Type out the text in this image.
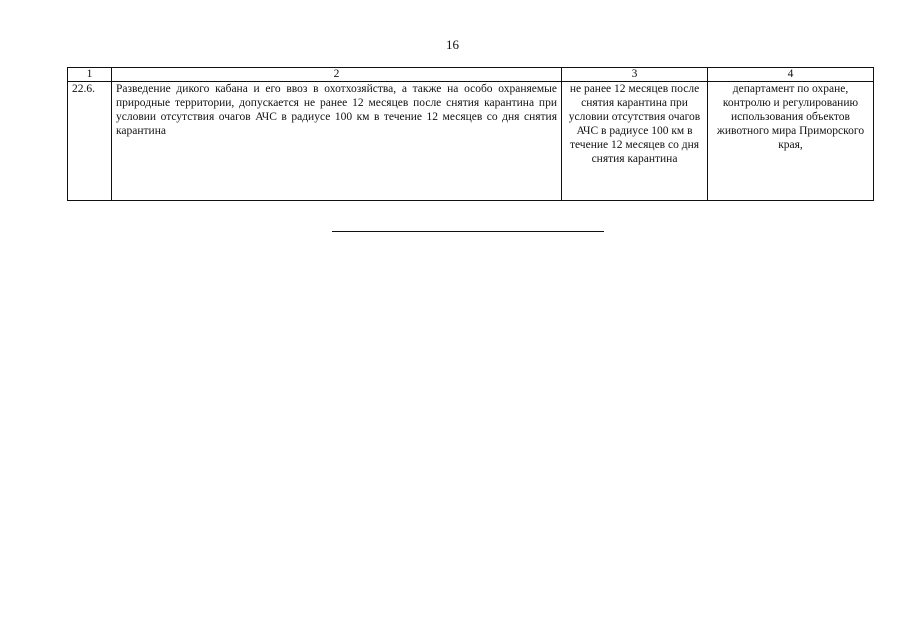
16
1	2	3	4
22.6.	Разведение дикого кабана и его ввоз в охотхозяйства, а также на особо охраняемые природные территории, допускается не ранее 12 месяцев после снятия карантина при условии отсутствия очагов АЧС в радиусе 100 км в течение 12 месяцев со дня снятия карантина	не ранее 12 месяцев после снятия карантина при условии отсутствия очагов АЧС в радиусе 100 км в течение 12 месяцев со дня снятия карантина	департамент по охране, контролю и регулированию использования объектов животного мира Приморского края,
